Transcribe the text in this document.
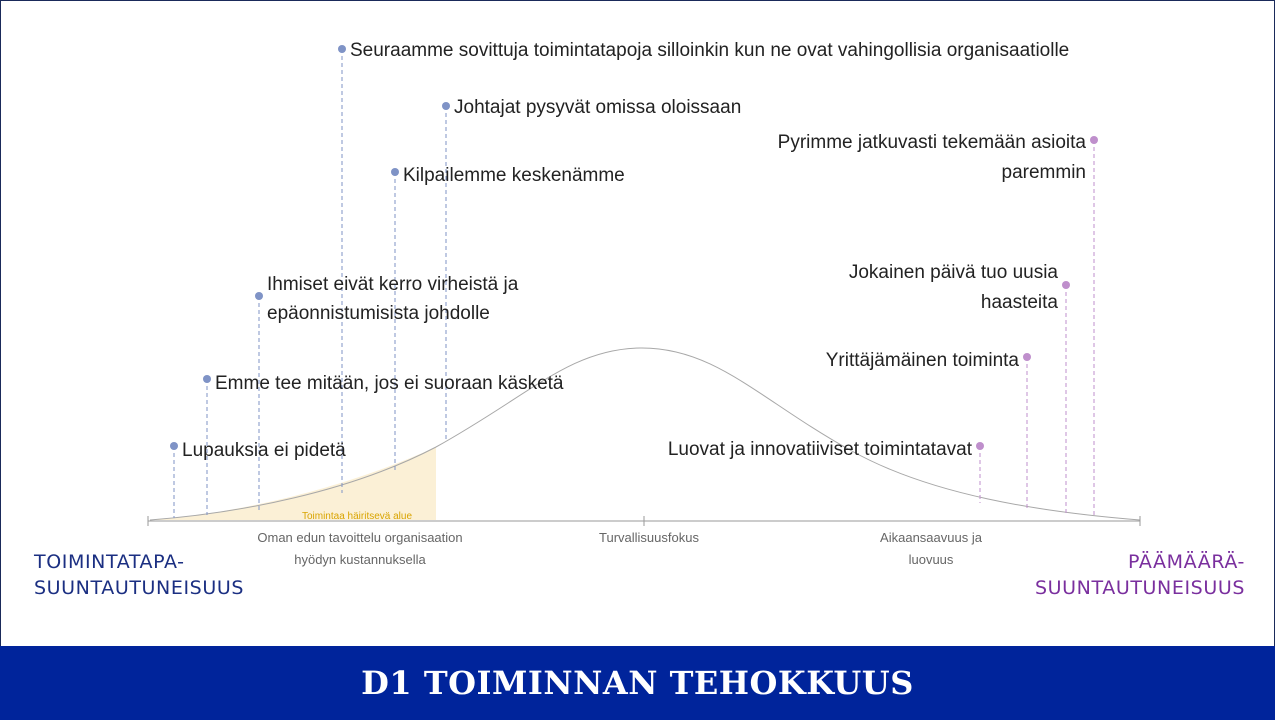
Toimintaa häiritsevä alue
Oman edun tavoittelu organisaation
hyödyn kustannuksella
Turvallisuusfokus	Aikaansaavuus ja
luovuus
Seuraamme sovittuja toimintatapoja silloinkin kun ne ovat vahingollisia organisaatiolle
Johtajat pysyvät omissa oloissaan
Kilpailemme keskenämme
Ihmiset eivät kerro virheistä ja
epäonnistumisista johdolle
Emme tee mitään, jos ei suoraan käsketä
Lupauksia ei pidetä
Pyrimme jatkuvasti tekemään asioita
paremmin
Jokainen päivä tuo uusia
haasteita
Yrittäjämäinen toiminta
Luovat ja innovatiiviset toimintatavat
TOIMINTATAPA-
SUUNTAUTUNEISUUS
PÄÄMÄÄRÄ-
SUUNTAUTUNEISUUS
D1 TOIMINNAN TEHOKKUUS
